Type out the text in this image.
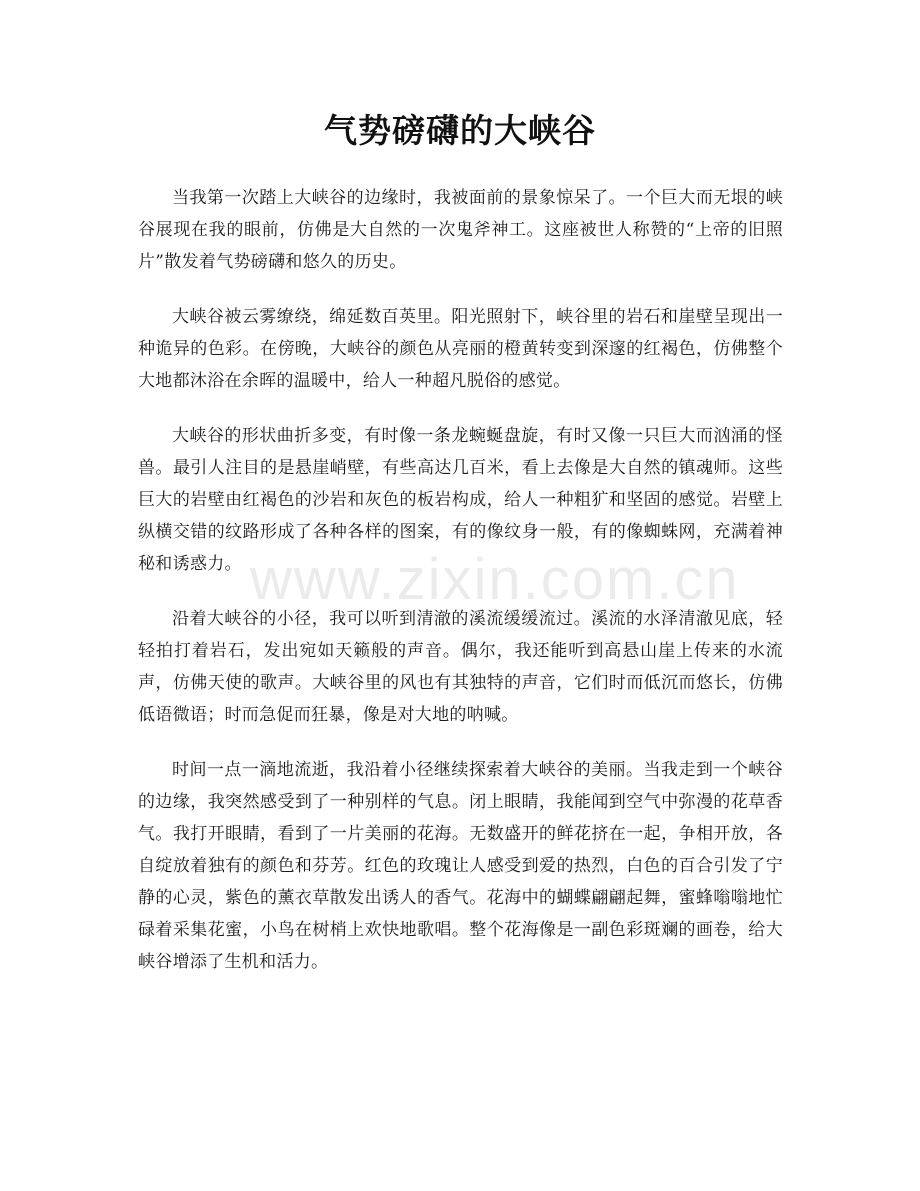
气势磅礴的大峡谷

当我第一次踏上大峡谷的边缘时，我被面前的景象惊呆了。一个巨大而无垠的峡谷展现在我的眼前，仿佛是大自然的一次鬼斧神工。这座被世人称赞的“上帝的旧照片”散发着气势磅礴和悠久的历史。

大峡谷被云雾缭绕，绵延数百英里。阳光照射下，峡谷里的岩石和崖壁呈现出一种诡异的色彩。在傍晚，大峡谷的颜色从亮丽的橙黄转变到深邃的红褐色，仿佛整个大地都沐浴在余晖的温暖中，给人一种超凡脱俗的感觉。

大峡谷的形状曲折多变，有时像一条龙蜿蜒盘旋，有时又像一只巨大而汹涌的怪兽。最引人注目的是悬崖峭壁，有些高达几百米，看上去像是大自然的镇魂师。这些巨大的岩壁由红褐色的沙岩和灰色的板岩构成，给人一种粗犷和坚固的感觉。岩壁上纵横交错的纹路形成了各种各样的图案，有的像纹身一般，有的像蜘蛛网，充满着神秘和诱惑力。

沿着大峡谷的小径，我可以听到清澈的溪流缓缓流过。溪流的水泽清澈见底，轻轻拍打着岩石，发出宛如天籁般的声音。偶尔，我还能听到高悬山崖上传来的水流声，仿佛天使的歌声。大峡谷里的风也有其独特的声音，它们时而低沉而悠长，仿佛低语微语；时而急促而狂暴，像是对大地的呐喊。

时间一点一滴地流逝，我沿着小径继续探索着大峡谷的美丽。当我走到一个峡谷的边缘，我突然感受到了一种别样的气息。闭上眼睛，我能闻到空气中弥漫的花草香气。我打开眼睛，看到了一片美丽的花海。无数盛开的鲜花挤在一起，争相开放，各自绽放着独有的颜色和芬芳。红色的玫瑰让人感受到爱的热烈，白色的百合引发了宁静的心灵，紫色的薰衣草散发出诱人的香气。花海中的蝴蝶翩翩起舞，蜜蜂嗡嗡地忙碌着采集花蜜，小鸟在树梢上欢快地歌唱。整个花海像是一副色彩斑斓的画卷，给大峡谷增添了生机和活力。

www.zixin.com.cn
